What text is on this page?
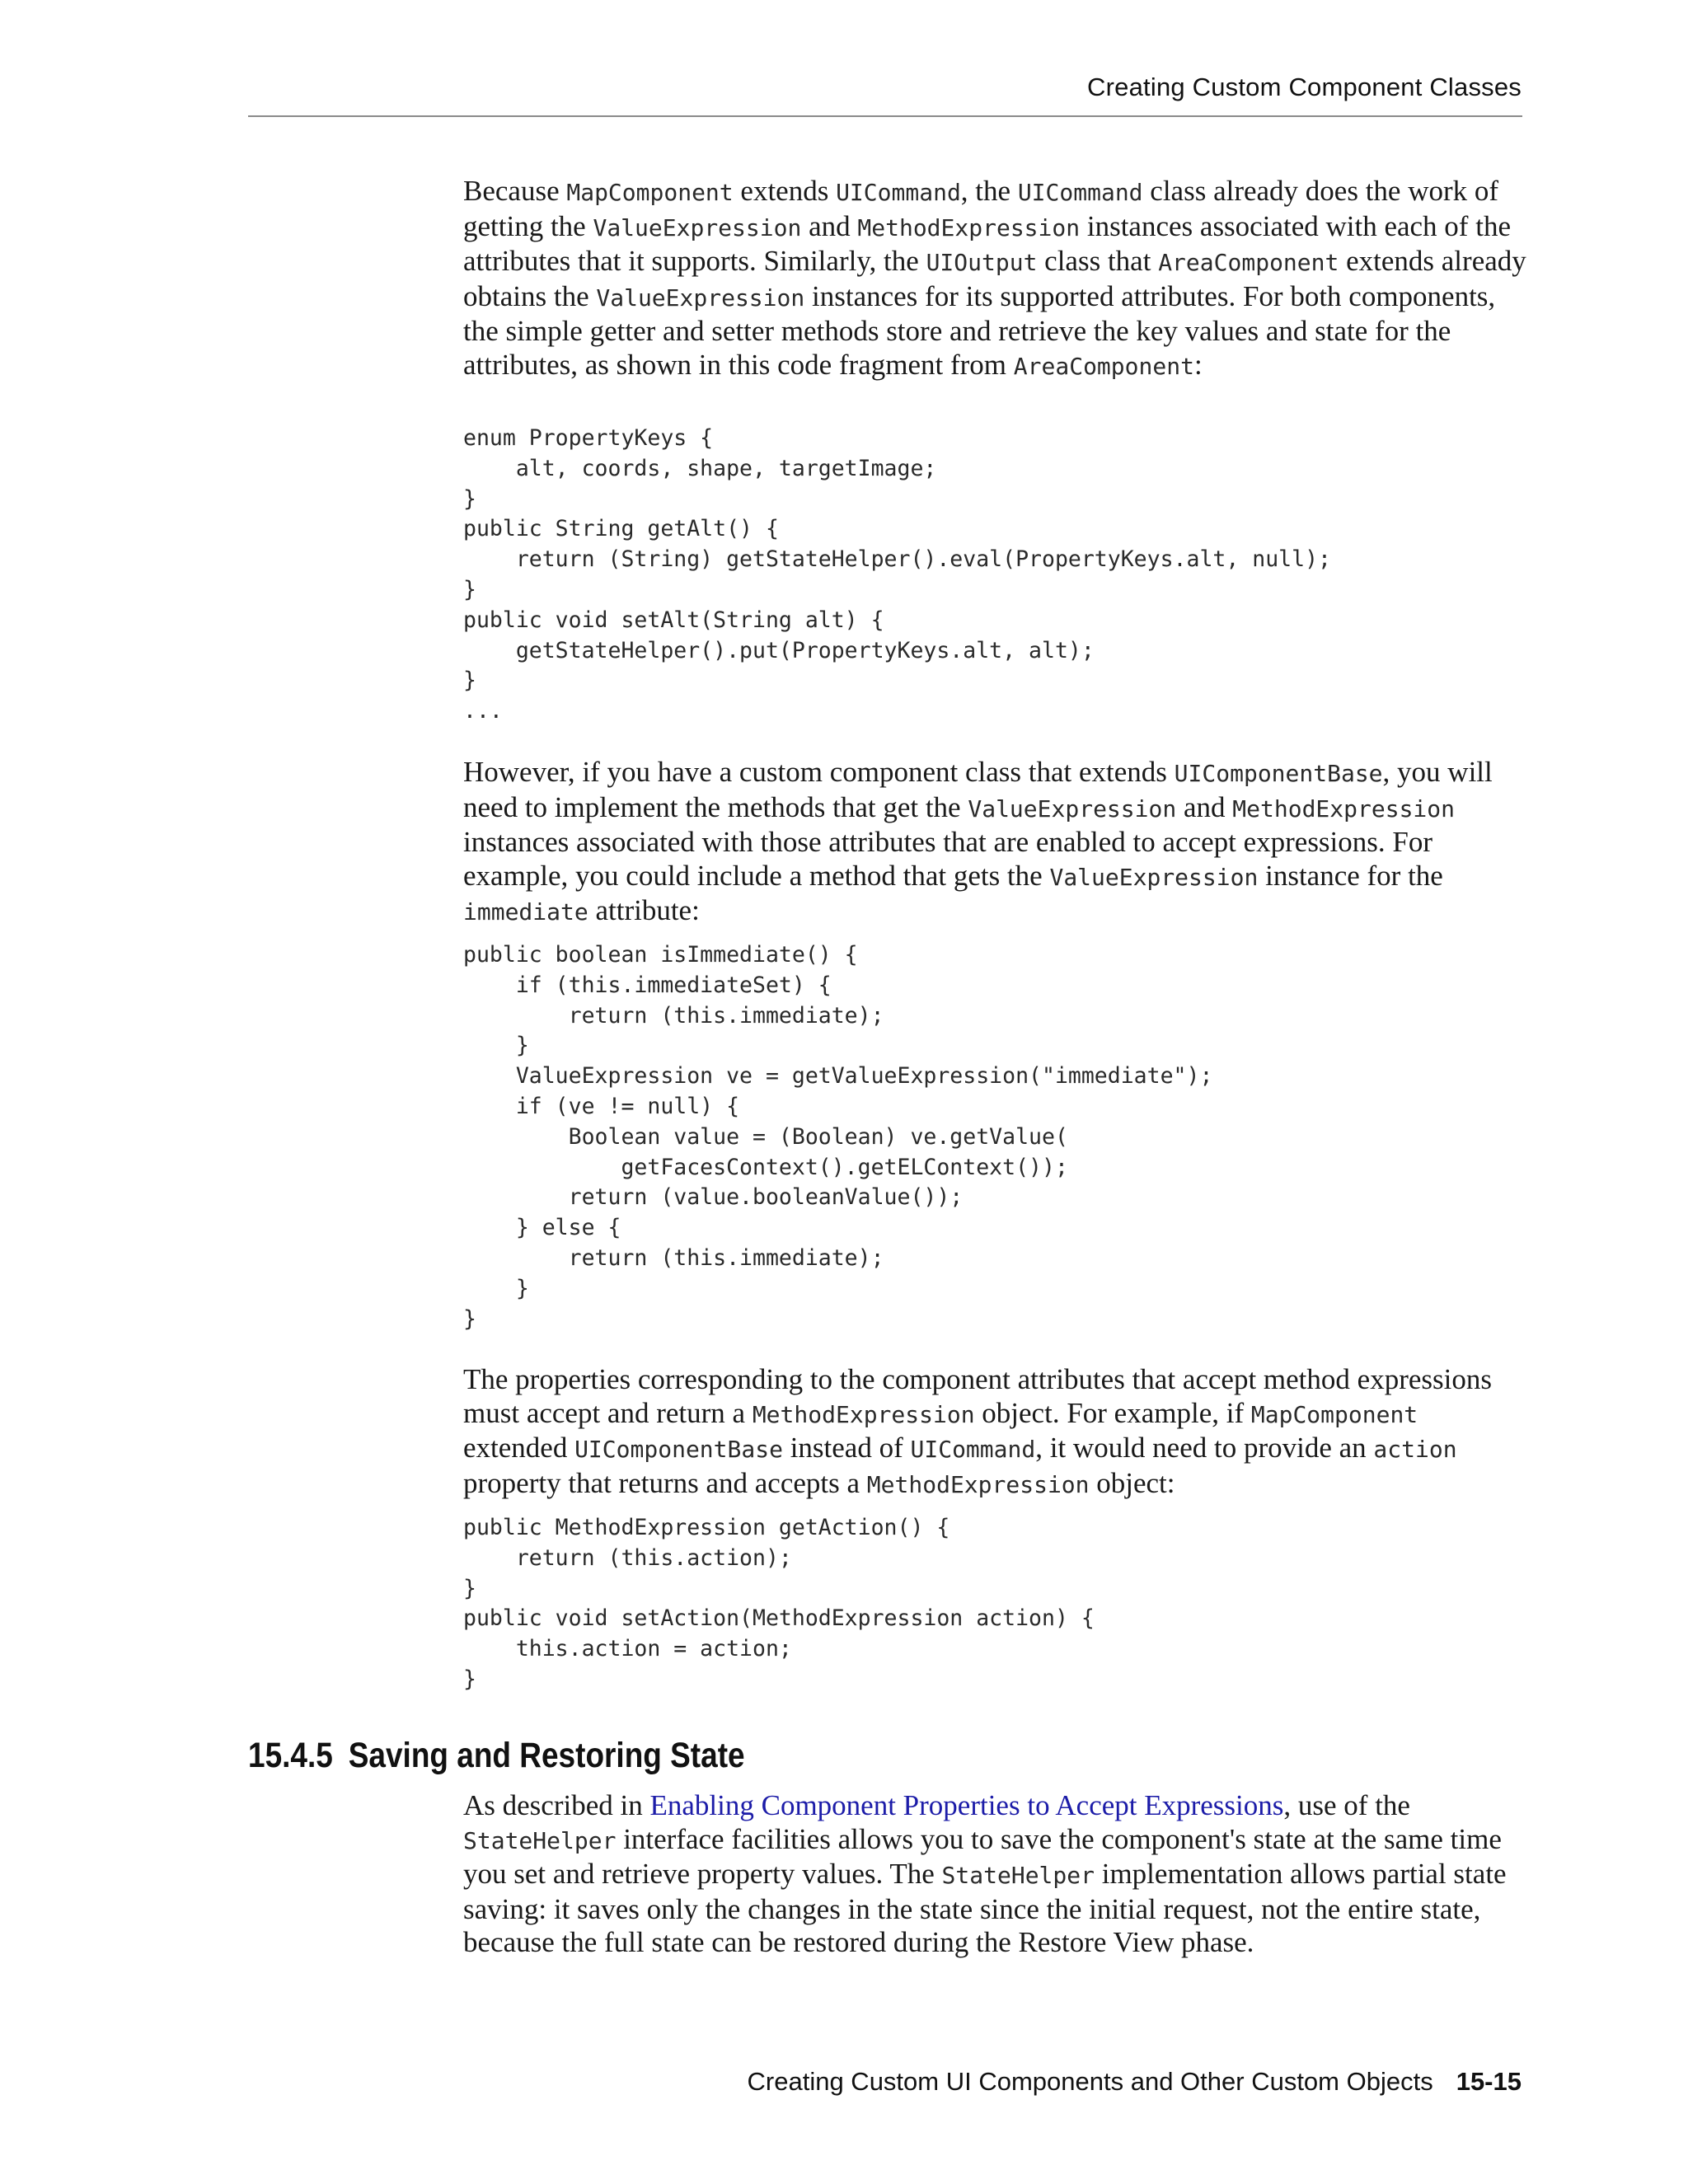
Creating Custom Component Classes

Because MapComponent extends UICommand, the UICommand class already does the work of getting the ValueExpression and MethodExpression instances associated with each of the attributes that it supports. Similarly, the UIOutput class that AreaComponent extends already obtains the ValueExpression instances for its supported attributes. For both components, the simple getter and setter methods store and retrieve the key values and state for the attributes, as shown in this code fragment from AreaComponent:

enum PropertyKeys {
alt, coords, shape, targetImage;
}
public String getAlt() {
return (String) getStateHelper().eval(PropertyKeys.alt, null);
}
public void setAlt(String alt) {
getStateHelper().put(PropertyKeys.alt, alt);
}
...

However, if you have a custom component class that extends UIComponentBase, you will need to implement the methods that get the ValueExpression and MethodExpression instances associated with those attributes that are enabled to accept expressions. For example, you could include a method that gets the ValueExpression instance for the immediate attribute:

public boolean isImmediate() {
if (this.immediateSet) {
return (this.immediate);
}
ValueExpression ve = getValueExpression("immediate");
if (ve != null) {
Boolean value = (Boolean) ve.getValue(
getFacesContext().getELContext());
return (value.booleanValue());
} else {
return (this.immediate);
}
}

The properties corresponding to the component attributes that accept method expressions must accept and return a MethodExpression object. For example, if MapComponent extended UIComponentBase instead of UICommand, it would need to provide an action property that returns and accepts a MethodExpression object:

public MethodExpression getAction() {
return (this.action);
}
public void setAction(MethodExpression action) {
this.action = action;
}
15.4.5 Saving and Restoring State

As described in Enabling Component Properties to Accept Expressions, use of the StateHelper interface facilities allows you to save the component's state at the same time you set and retrieve property values. The StateHelper implementation allows partial state saving: it saves only the changes in the state since the initial request, not the entire state, because the full state can be restored during the Restore View phase.

Creating Custom UI Components and Other Custom Objects 15-15
